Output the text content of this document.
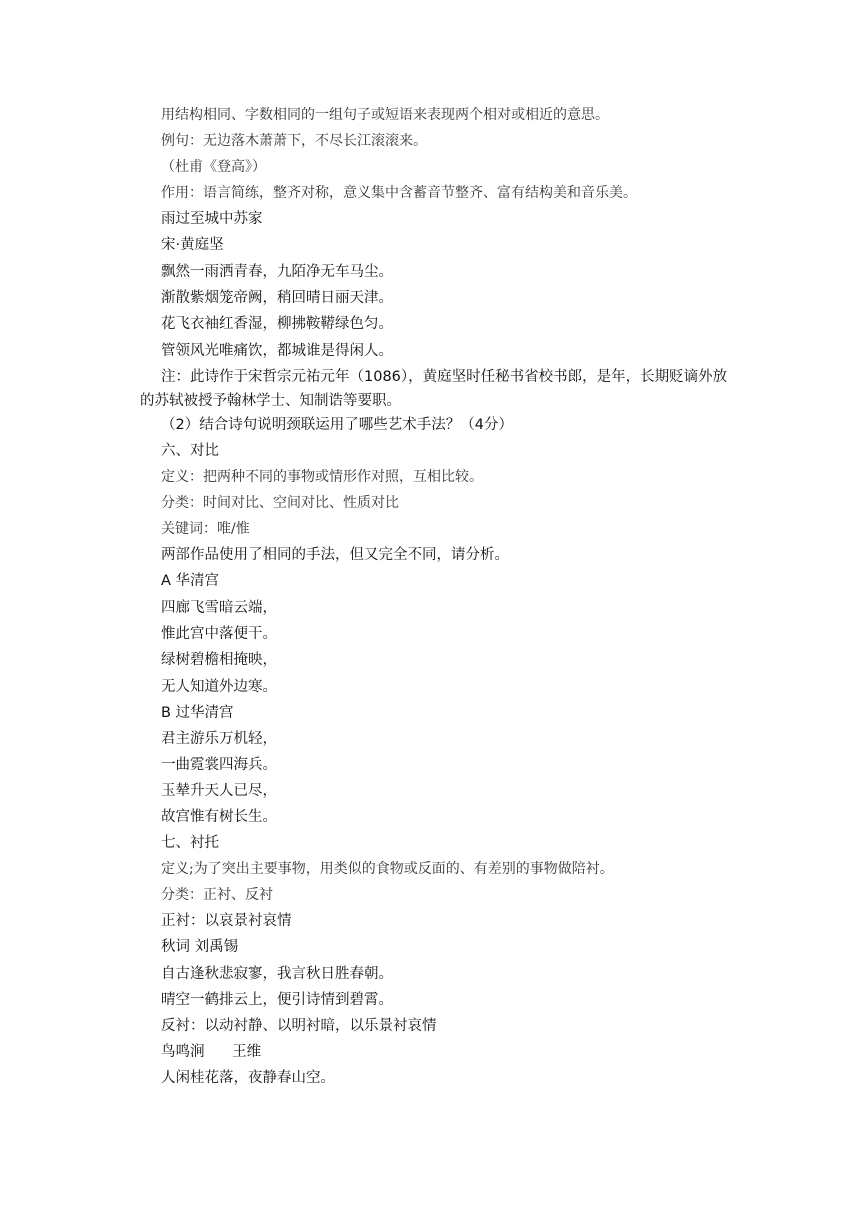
用结构相同、字数相同的一组句子或短语来表现两个相对或相近的意思。
例句：无边落木萧萧下，不尽长江滚滚来。
（杜甫《登高》）
作用：语言简练，整齐对称，意义集中含蓄音节整齐、富有结构美和音乐美。
雨过至城中苏家
宋·黄庭坚
飘然一雨洒青春，九陌净无车马尘。
渐散紫烟笼帝阙，稍回晴日丽天津。
花飞衣袖红香湿，柳拂鞍鞯绿色匀。
管领风光唯痛饮，都城谁是得闲人。
注：此诗作于宋哲宗元祐元年（1086），黄庭坚时任秘书省校书郎，是年，长期贬谪外放的苏轼被授予翰林学士、知制诰等要职。
（2）结合诗句说明颈联运用了哪些艺术手法？（4分）
六、对比
定义：把两种不同的事物或情形作对照，互相比较。
分类：时间对比、空间对比、性质对比
关键词：唯/惟
两部作品使用了相同的手法，但又完全不同，请分析。
A 华清宫
四廊飞雪暗云端，
惟此宫中落便干。
绿树碧檐相掩映，
无人知道外边寒。
B 过华清宫
君主游乐万机轻，
一曲霓裳四海兵。
玉辇升天人已尽，
故宫惟有树长生。
七、衬托
定义;为了突出主要事物，用类似的食物或反面的、有差别的事物做陪衬。
分类：正衬、反衬
正衬：以哀景衬哀情
秋词 刘禹锡
自古逢秋悲寂寥，我言秋日胜春朝。
晴空一鹤排云上，便引诗情到碧霄。
反衬：以动衬静、以明衬暗，以乐景衬哀情
鸟鸣涧      王维
人闲桂花落，夜静春山空。
